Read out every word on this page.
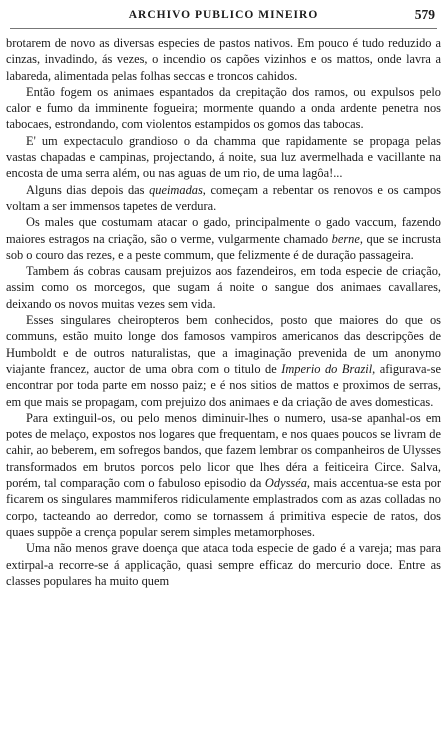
ARCHIVO PUBLICO MINEIRO	579

brotarem de novo as diversas especies de pastos nativos. Em pouco é tudo reduzido a cinzas, invadindo, ás vezes, o incendio os capões vizinhos e os mattos, onde lavra a labareda, alimentada pelas folhas seccas e troncos cahidos.

Então fogem os animaes espantados da crepitação dos ramos, ou expulsos pelo calor e fumo da imminente fogueira; mormente quando a onda ardente penetra nos tabocaes, estrondando, com violentos estampidos os gomos das tabocas.

E' um expectaculo grandioso o da chamma que rapidamente se propaga pelas vastas chapadas e campinas, projectando, á noite, sua luz avermelhada e vacillante na encosta de uma serra além, ou nas aguas de um rio, de uma lagôa!...

Alguns dias depois das queimadas, começam a rebentar os renovos e os campos voltam a ser immensos tapetes de verdura.

Os males que costumam atacar o gado, principalmente o gado vaccum, fazendo maiores estragos na criação, são o verme, vulgarmente chamado berne, que se incrusta sob o couro das rezes, e a peste commum, que felizmente é de duração passageira.

Tambem ás cobras causam prejuizos aos fazendeiros, em toda especie de criação, assim como os morcegos, que sugam á noite o sangue dos animaes cavallares, deixando os novos muitas vezes sem vida.

Esses singulares cheiropteros bem conhecidos, posto que maiores do que os communs, estão muito longe dos famosos vampiros americanos das descripções de Humboldt e de outros naturalistas, que a imaginação prevenida de um anonymo viajante francez, auctor de uma obra com o titulo de Imperio do Brazil, afigurava-se encontrar por toda parte em nosso paiz; e é nos sitios de mattos e proximos de serras, em que mais se propagam, com prejuizo dos animaes e da criação de aves domesticas.

Para extinguil-os, ou pelo menos diminuir-lhes o numero, usa-se apanhal-os em potes de melaço, expostos nos logares que frequentam, e nos quaes poucos se livram de cahir, ao beberem, em sofregos bandos, que fazem lembrar os companheiros de Ulysses transformados em brutos porcos pelo licor que lhes déra a feiticeira Circe. Salva, porém, tal comparação com o fabuloso episodio da Odysséa, mais accentua-se esta por ficarem os singulares mammiferos ridiculamente emplastrados com as azas colladas no corpo, tacteando ao derredor, como se tornassem á primitiva especie de ratos, dos quaes suppõe a crença popular serem simples metamorphoses.

Uma não menos grave doença que ataca toda especie de gado é a vareja; mas para extirpal-a recorre-se á applicação, quasi sempre efficaz do mercurio doce. Entre as classes populares ha muito quem
